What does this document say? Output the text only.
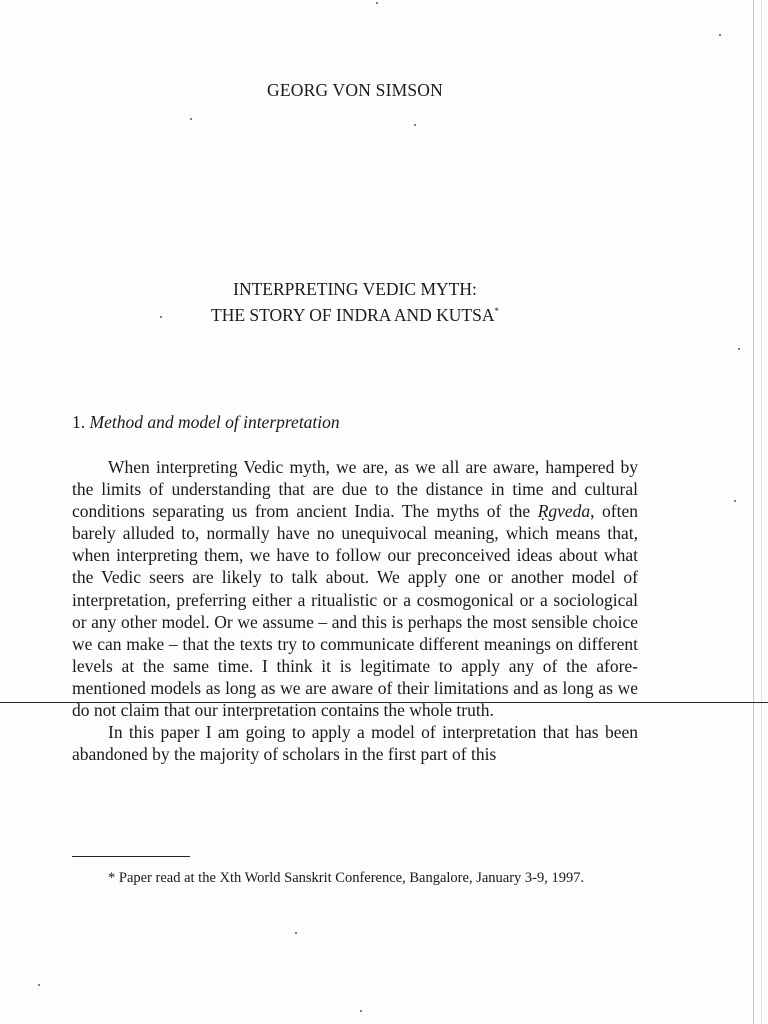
GEORG VON SIMSON
INTERPRETING VEDIC MYTH:
THE STORY OF INDRA AND KUTSA*
1. Method and model of interpretation

When interpreting Vedic myth, we are, as we all are aware, hampered by the limits of understanding that are due to the distance in time and cultural conditions separating us from ancient India. The myths of the Ṛgveda, often barely alluded to, normally have no unequivocal meaning, which means that, when interpreting them, we have to follow our preconceived ideas about what the Vedic seers are likely to talk about. We apply one or another model of interpretation, preferring either a ritualistic or a cosmogonical or a sociological or any other model. Or we assume – and this is perhaps the most sensible choice we can make – that the texts try to communicate different meanings on different levels at the same time. I think it is legitimate to apply any of the afore-mentioned models as long as we are aware of their limitations and as long as we do not claim that our interpretation contains the whole truth.

In this paper I am going to apply a model of interpretation that has been abandoned by the majority of scholars in the first part of this

* Paper read at the Xth World Sanskrit Conference, Bangalore, January 3-9, 1997.
